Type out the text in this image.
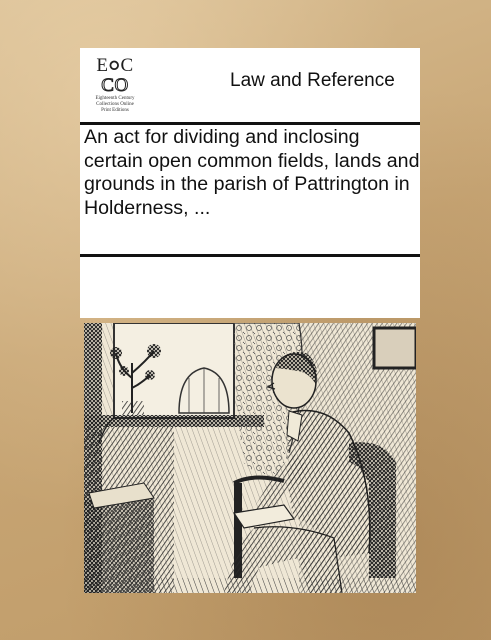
E○C
CO
Eighteenth Century
Collections Online
Print Editions
Law and Reference
An act for dividing and inclosing certain open common fields, lands and grounds in the parish of Pattrington in Holderness, ...
